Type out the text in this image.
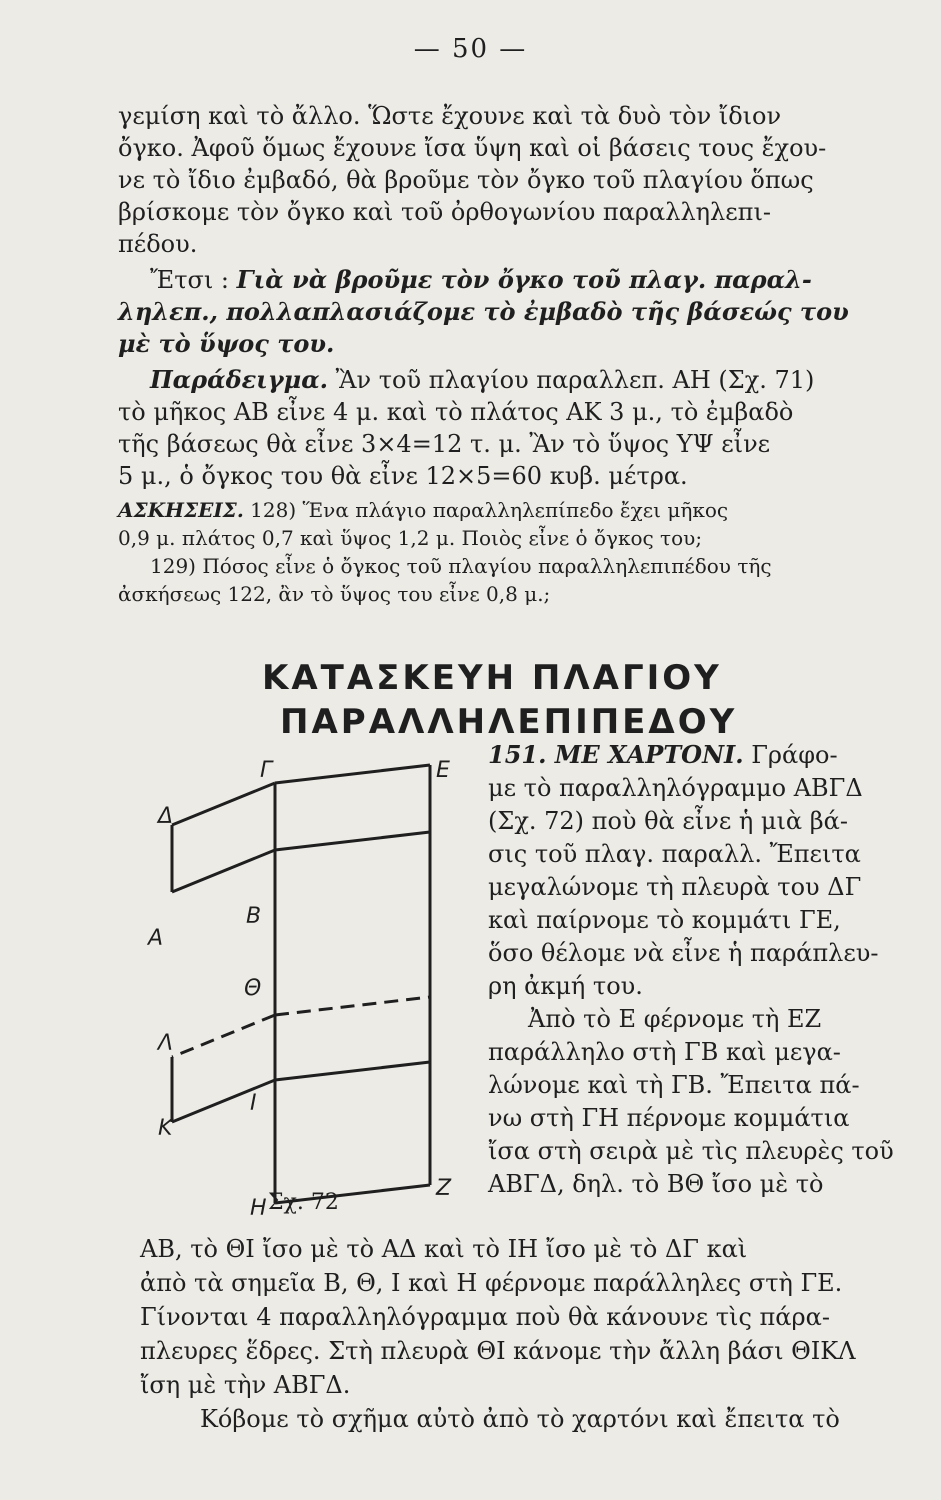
— 50 —
γεμίση καὶ τὸ ἄλλο. Ὥστε ἔχουνε καὶ τὰ δυὸ τὸν ἴδιον
ὄγκο. Ἀφοῦ ὅμως ἔχουνε ἴσα ὕψη καὶ οἱ βάσεις τους ἔχου-
νε τὸ ἴδιο ἐμβαδό, θὰ βροῦμε τὸν ὄγκο τοῦ πλαγίου ὅπως
βρίσκομε τὸν ὄγκο καὶ τοῦ ὀρθογωνίου παραλληλεπι-
πέδου.
Ἔτσι : Γιὰ νὰ βροῦμε τὸν ὄγκο τοῦ πλαγ. παραλ-
ληλεπ., πολλαπλασιάζομε τὸ ἐμβαδὸ τῆς βάσεώς του
μὲ τὸ ὕψος του.
Παράδειγμα. Ἂν τοῦ πλαγίου παραλλεπ. ΑΗ (Σχ. 71)
τὸ μῆκος ΑΒ εἶνε 4 μ. καὶ τὸ πλάτος ΑΚ 3 μ., τὸ ἐμβαδὸ
τῆς βάσεως θὰ εἶνε 3×4=12 τ. μ. Ἂν τὸ ὕψος ΥΨ εἶνε
5 μ., ὁ ὄγκος του θὰ εἶνε 12×5=60 κυβ. μέτρα.
ΑΣΚΗΣΕΙΣ. 128) Ἕνα πλάγιο παραλληλεπίπεδο ἔχει μῆκος
0,9 μ. πλάτος 0,7 καὶ ὕψος 1,2 μ. Ποιὸς εἶνε ὁ ὄγκος του;
129) Πόσος εἶνε ὁ ὄγκος τοῦ πλαγίου παραλληλεπιπέδου τῆς
ἀσκήσεως 122, ἂν τὸ ὕψος του εἶνε 0,8 μ.;
ΚΑΤΑΣΚΕΥΗ ΠΛΑΓΙΟΥ
ΠΑΡΑΛΛΗΛΕΠΙΠΕΔΟΥ
E
Γ
Δ
Α
Β
Λ
Θ
Κ
Ι
Ζ
Η Σχ. 72
151. ΜΕ ΧΑΡΤΟΝΙ. Γράφο-
με τὸ παραλληλόγραμμο ΑΒΓΔ
(Σχ. 72) ποὺ θὰ εἶνε ἡ μιὰ βά-
σις τοῦ πλαγ. παραλλ. Ἔπειτα
μεγαλώνομε τὴ πλευρὰ του ΔΓ
καὶ παίρνομε τὸ κομμάτι ΓΕ,
ὅσο θέλομε νὰ εἶνε ἡ παράπλευ-
ρη ἀκμή του.
Ἀπὸ τὸ Ε φέρνομε τὴ ΕΖ
παράλληλο στὴ ΓΒ καὶ μεγα-
λώνομε καὶ τὴ ΓΒ. Ἔπειτα πά-
νω στὴ ΓΗ πέρνομε κομμάτια
ἴσα στὴ σειρὰ μὲ τὶς πλευρὲς τοῦ
ΑΒΓΔ, δηλ. τὸ ΒΘ ἴσο μὲ τὸ
ΑΒ, τὸ ΘΙ ἴσο μὲ τὸ ΑΔ καὶ τὸ ΙΗ ἴσο μὲ τὸ ΔΓ καὶ
ἀπὸ τὰ σημεῖα Β, Θ, Ι καὶ Η φέρνομε παράλληλες στὴ ΓΕ.
Γίνονται 4 παραλληλόγραμμα ποὺ θὰ κάνουνε τὶς πάρα-
πλευρες ἕδρες. Στὴ πλευρὰ ΘΙ κάνομε τὴν ἄλλη βάσι ΘΙΚΛ
ἴση μὲ τὴν ΑΒΓΔ.
Κόβομε τὸ σχῆμα αὐτὸ ἀπὸ τὸ χαρτόνι καὶ ἔπειτα τὸ
